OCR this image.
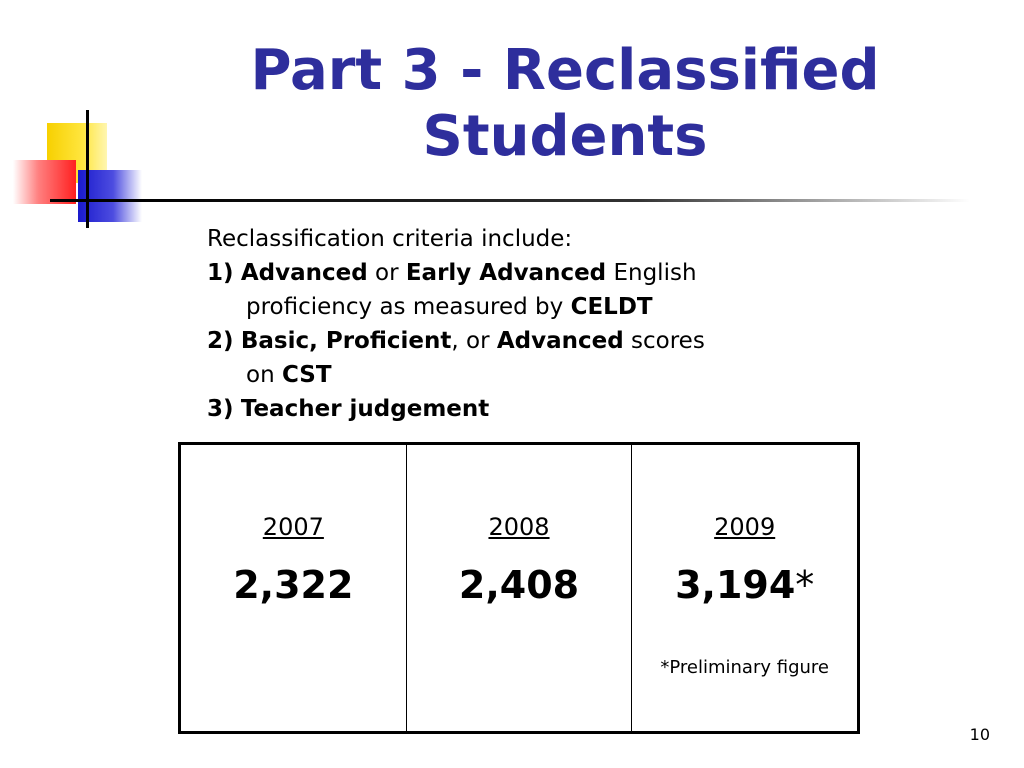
Part 3 - Reclassified
Students
Reclassification criteria include:
1) Advanced or Early Advanced English
proficiency as measured by CELDT
2) Basic, Proficient, or Advanced scores
on CST
3) Teacher judgement
2007
2,322
2008
2,408
2009
3,194*
*Preliminary figure
10
